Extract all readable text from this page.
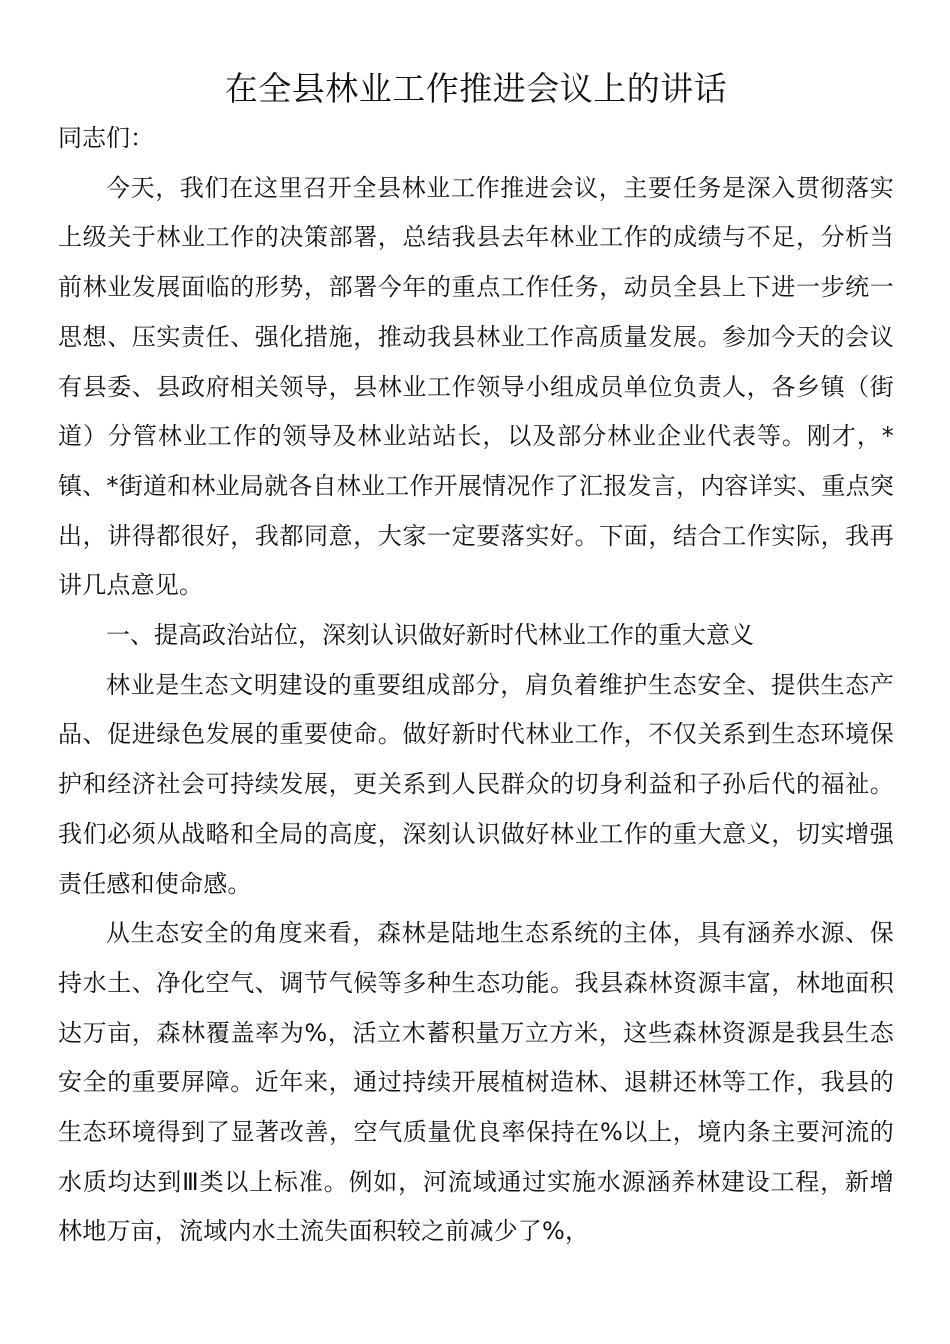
在全县林业工作推进会议上的讲话

同志们：

今天，我们在这里召开全县林业工作推进会议，主要任务是深入贯彻落实上级关于林业工作的决策部署，总结我县去年林业工作的成绩与不足，分析当前林业发展面临的形势，部署今年的重点工作任务，动员全县上下进一步统一思想、压实责任、强化措施，推动我县林业工作高质量发展。参加今天的会议有县委、县政府相关领导，县林业工作领导小组成员单位负责人，各乡镇（街道）分管林业工作的领导及林业站站长，以及部分林业企业代表等。刚才，*镇、*街道和林业局就各自林业工作开展情况作了汇报发言，内容详实、重点突出，讲得都很好，我都同意，大家一定要落实好。下面，结合工作实际，我再讲几点意见。

一、提高政治站位，深刻认识做好新时代林业工作的重大意义

林业是生态文明建设的重要组成部分，肩负着维护生态安全、提供生态产品、促进绿色发展的重要使命。做好新时代林业工作，不仅关系到生态环境保护和经济社会可持续发展，更关系到人民群众的切身利益和子孙后代的福祉。我们必须从战略和全局的高度，深刻认识做好林业工作的重大意义，切实增强责任感和使命感。

从生态安全的角度来看，森林是陆地生态系统的主体，具有涵养水源、保持水土、净化空气、调节气候等多种生态功能。我县森林资源丰富，林地面积达万亩，森林覆盖率为%，活立木蓄积量万立方米，这些森林资源是我县生态安全的重要屏障。近年来，通过持续开展植树造林、退耕还林等工作，我县的生态环境得到了显著改善，空气质量优良率保持在%以上，境内条主要河流的水质均达到Ⅲ类以上标准。例如，河流域通过实施水源涵养林建设工程，新增林地万亩，流域内水土流失面积较之前减少了%，
